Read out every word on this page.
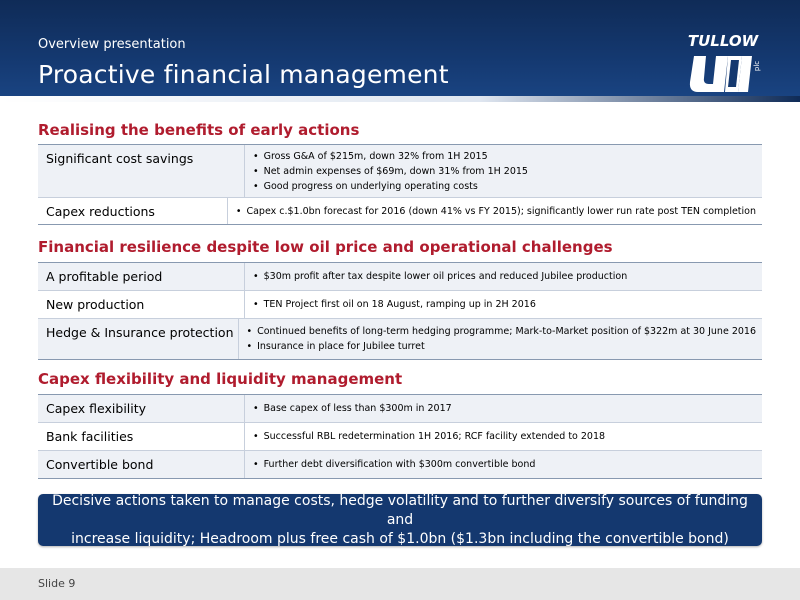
Overview presentation
Proactive financial management
TULLOW
plc
Realising the benefits of early actions
Significant cost savings	• Gross G&A of $215m, down 32% from 1H 2015
• Net admin expenses of $69m, down 31% from 1H 2015
• Good progress on underlying operating costs
Capex reductions	• Capex c.$1.0bn forecast for 2016 (down 41% vs FY 2015); significantly lower run rate post TEN completion
Financial resilience despite low oil price and operational challenges
A profitable period	• $30m profit after tax despite lower oil prices and reduced Jubilee production
New production	• TEN Project first oil on 18 August, ramping up in 2H 2016
Hedge & Insurance protection	• Continued benefits of long-term hedging programme; Mark-to-Market position of $322m at 30 June 2016
• Insurance in place for Jubilee turret
Capex flexibility and liquidity management
Capex flexibility	• Base capex of less than $300m in 2017
Bank facilities	• Successful RBL redetermination 1H 2016; RCF facility extended to 2018
Convertible bond	• Further debt diversification with $300m convertible bond
Decisive actions taken to manage costs, hedge volatility and to further diversify sources of funding and
increase liquidity; Headroom plus free cash of $1.0bn ($1.3bn including the convertible bond)
Slide 9
